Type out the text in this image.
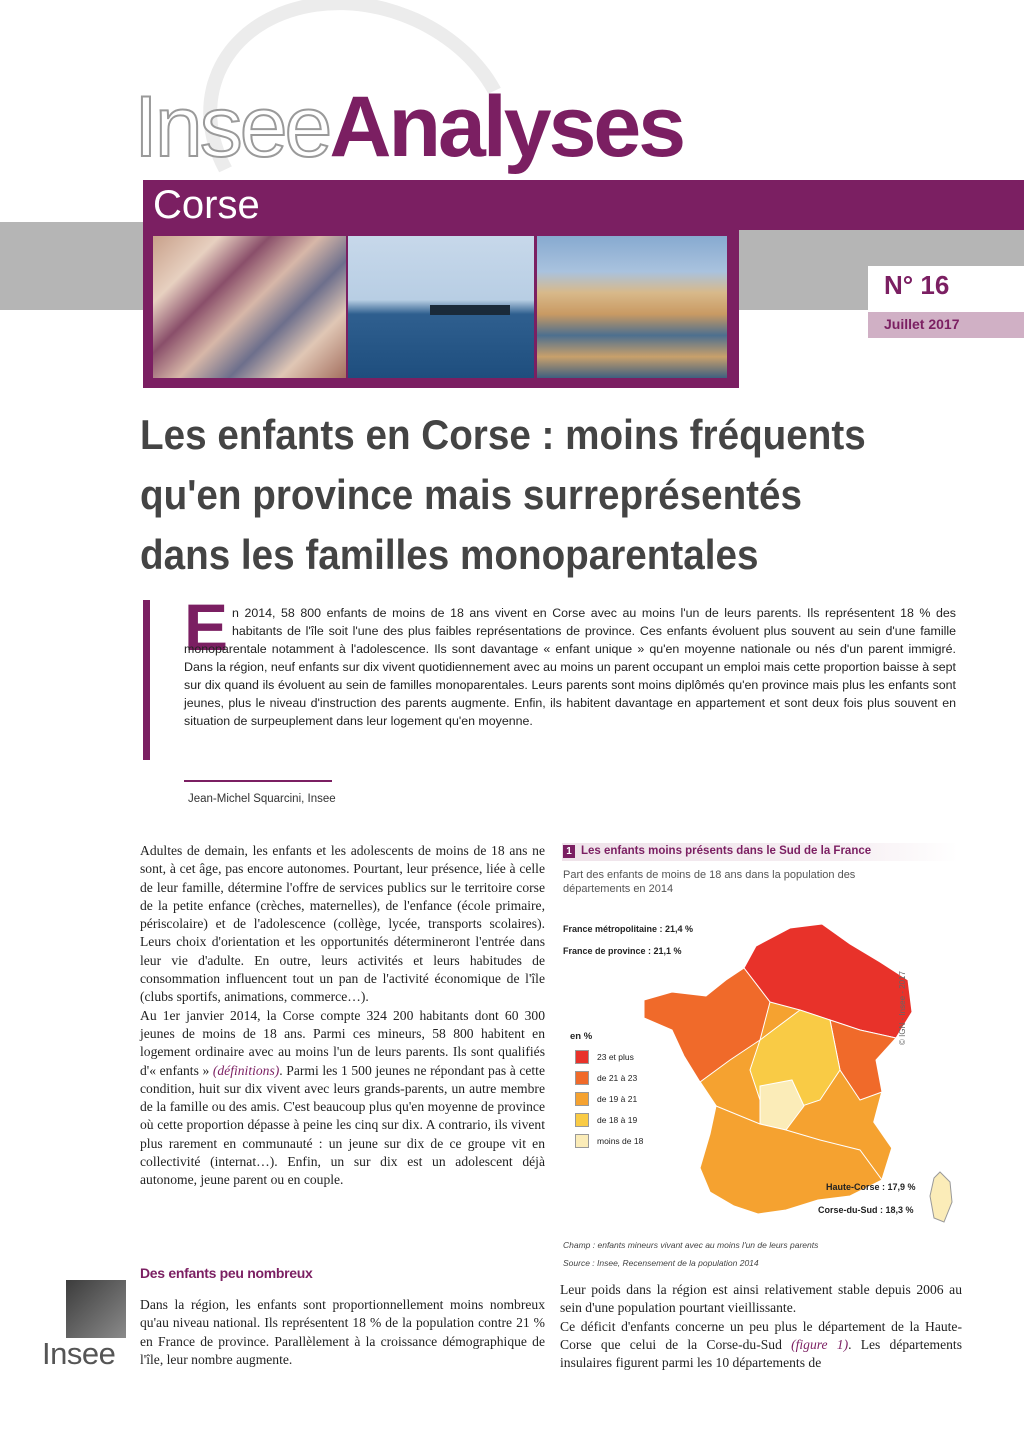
InseeAnalyses
Corse
N° 16
Juillet 2017
Les enfants en Corse : moins fréquents qu'en province mais surreprésentés dans les familles monoparentales
E n 2014, 58 800 enfants de moins de 18 ans vivent en Corse avec au moins l'un de leurs parents. Ils représentent 18 % des habitants de l'île soit l'une des plus faibles représentations de province. Ces enfants évoluent plus souvent au sein d'une famille monoparentale notamment à l'adolescence. Ils sont davantage « enfant unique » qu'en moyenne nationale ou nés d'un parent immigré. Dans la région, neuf enfants sur dix vivent quotidiennement avec au moins un parent occupant un emploi mais cette proportion baisse à sept sur dix quand ils évoluent au sein de familles monoparentales. Leurs parents sont moins diplômés qu'en province mais plus les enfants sont jeunes, plus le niveau d'instruction des parents augmente. Enfin, ils habitent davantage en appartement et sont deux fois plus souvent en situation de surpeuplement dans leur logement qu'en moyenne.
Jean-Michel Squarcini, Insee

Adultes de demain, les enfants et les adolescents de moins de 18 ans ne sont, à cet âge, pas encore autonomes. Pourtant, leur présence, liée à celle de leur famille, détermine l'offre de services publics sur le territoire corse de la petite enfance (crèches, maternelles), de l'enfance (école primaire, périscolaire) et de l'adolescence (collège, lycée, transports scolaires). Leurs choix d'orientation et les opportunités détermineront l'entrée dans leur vie d'adulte. En outre, leurs activités et leurs habitudes de consommation influencent tout un pan de l'activité économique de l'île (clubs sportifs, animations, commerce…).

Au 1er janvier 2014, la Corse compte 324 200 habitants dont 60 300 jeunes de moins de 18 ans. Parmi ces mineurs, 58 800 habitent en logement ordinaire avec au moins l'un de leurs parents. Ils sont qualifiés d'« enfants » (définitions). Parmi les 1 500 jeunes ne répondant pas à cette condition, huit sur dix vivent avec leurs grands-parents, un autre membre de la famille ou des amis. C'est beaucoup plus qu'en moyenne de province où cette proportion dépasse à peine les cinq sur dix. A contrario, ils vivent plus rarement en communauté : un jeune sur dix de ce groupe vit en collectivité (internat…). Enfin, un sur dix est un adolescent déjà autonome, jeune parent ou en couple.

Des enfants peu nombreux
Dans la région, les enfants sont proportionnellement moins nombreux qu'au niveau national. Ils représentent 18 % de la population contre 21 % en France de province. Parallèlement à la croissance démographique de l'île, leur nombre augmente.
1 Les enfants moins présents dans le Sud de la France
Part des enfants de moins de 18 ans dans la population des départements en 2014
France métropolitaine : 21,4 %
France de province : 21,1 %
en %
23 et plus
de 21 à 23
de 19 à 21
de 18 à 19
moins de 18
© IGN - Insee - 2017
Haute-Corse : 17,9 %
Corse-du-Sud : 18,3 %
Champ : enfants mineurs vivant avec au moins l'un de leurs parents
Source : Insee, Recensement de la population 2014

Leur poids dans la région est ainsi relativement stable depuis 2006 au sein d'une population pourtant vieillissante.

Ce déficit d'enfants concerne un peu plus le département de la Haute-Corse que celui de la Corse-du-Sud (figure 1). Les départements insulaires figurent parmi les 10 départements de

Insee
